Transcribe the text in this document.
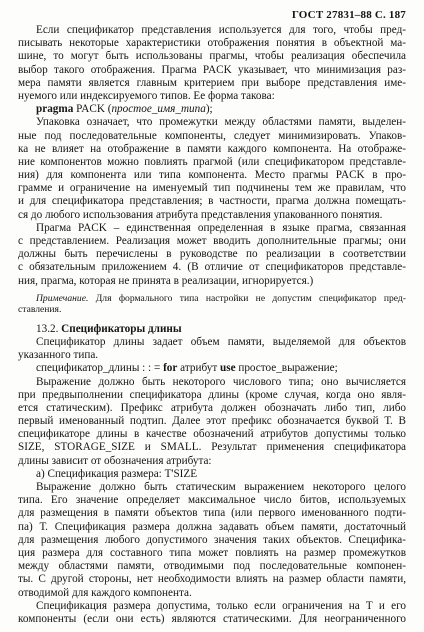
ГОСТ 27831–88 С. 187
Если спецификатор представления используется для того, чтобы пред-
писывать некоторые характеристики отображения понятия в объектной ма-
шине, то могут быть использованы прагмы, чтобы реализация обеспечила
выбор такого отображения. Прагма PACK указывает, что минимизация раз-
мера памяти является главным критерием при выборе представления име-
нуемого или индексируемого типов. Ее форма такова:
pragma PACK (простое_имя_типа);
Упаковка означает, что промежутки между областями памяти, выделен-
ные под последовательные компоненты, следует минимизировать. Упаков-
ка не влияет на отображение в памяти каждого компонента. На отображе-
ние компонентов можно повлиять прагмой (или спецификатором представле-
ния) для компонента или типа компонента. Место прагмы PACK в про-
грамме и ограничение на именуемый тип подчинены тем же правилам, что
и для спецификатора представления; в частности, прагма должна помещать-
ся до любого использования атрибута представления упакованного понятия.
Прагма PACK – единственная определенная в языке прагма, связанная
с представлением. Реализация может вводить дополнительные прагмы; они
должны быть перечислены в руководстве по реализации в соответствии
с обязательным приложением 4. (В отличие от спецификаторов представле-
ния, прагма, которая не принята в реализации, игнорируется.)
Примечание. Для формального типа настройки не допустим спецификатор пред-
ставления.
13.2. Спецификаторы длины
Спецификатор длины задает объем памяти, выделяемой для объектов
указанного типа.
спецификатор_длины : : = for атрибут use простое_выражение;
Выражение должно быть некоторого числового типа; оно вычисляется
при предвыполнении спецификатора длины (кроме случая, когда оно явля-
ется статическим). Префикс атрибута должен обозначать либо тип, либо
первый именованный подтип. Далее этот префикс обозначается буквой Т. В
спецификаторе длины в качестве обозначений атрибутов допустимы только
SIZE, STORAGE_SIZE и SMALL. Результат применения спецификатора
длины зависит от обозначения атрибута:
а) Спецификация размера: T'SIZE
Выражение должно быть статическим выражением некоторого целого
типа. Его значение определяет максимальное число битов, используемых
для размещения в памяти объектов типа (или первого именованного подти-
па) Т. Спецификация размера должна задавать объем памяти, достаточный
для размещения любого допустимого значения таких объектов. Специфика-
ция размера для составного типа может повлиять на размер промежутков
между областями памяти, отводимыми под последовательные компонен-
ты. С другой стороны, нет необходимости влиять на размер области памяти,
отводимой для каждого компонента.
Спецификация размера допустима, только если ограничения на Т и его
компоненты (если они есть) являются статическими. Для неограниченного
